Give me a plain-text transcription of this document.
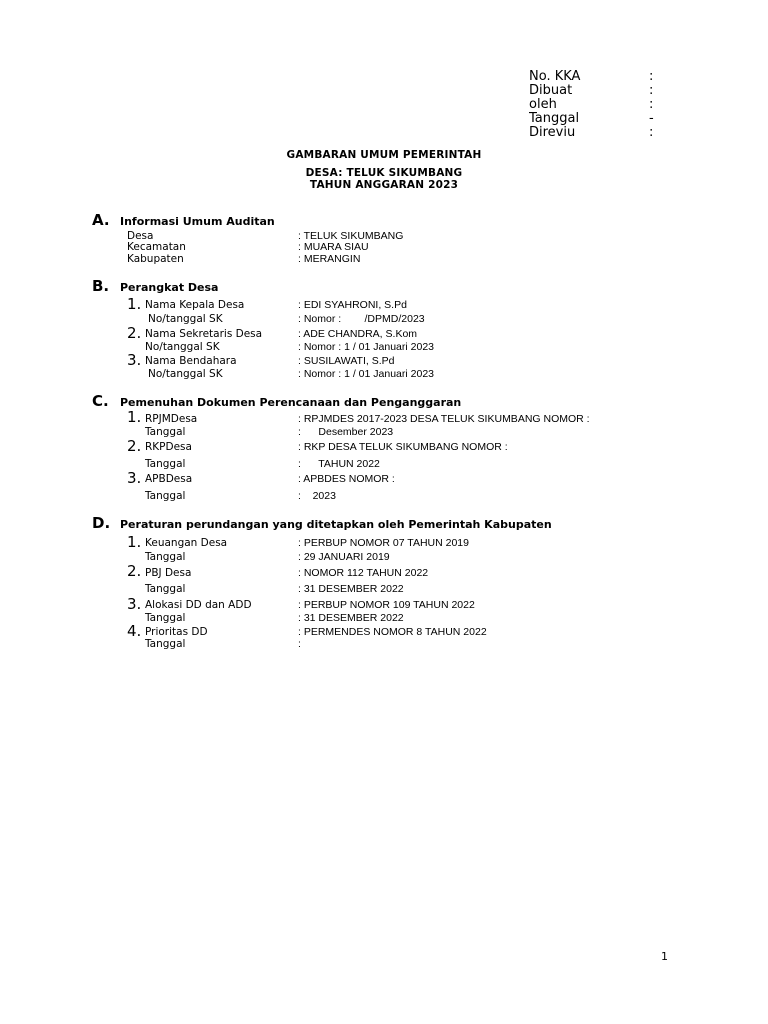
No. KKA	:
Dibuat	:
oleh	:
Tanggal	-
Direviu	:
GAMBARAN UMUM PEMERINTAH
DESA: TELUK SIKUMBANG
TAHUN ANGGARAN 2023
A. Informasi Umum Auditan
Desa	: TELUK SIKUMBANG
Kecamatan	: MUARA SIAU
Kabupaten	: MERANGIN
B. Perangkat Desa
1. Nama Kepala Desa	: EDI SYAHRONI, S.Pd
No/tanggal SK	: Nomor :        /DPMD/2023
2. Nama Sekretaris Desa	: ADE CHANDRA, S.Kom
No/tanggal SK	: Nomor : 1 / 01 Januari 2023
3. Nama Bendahara	: SUSILAWATI, S.Pd
No/tanggal SK	: Nomor : 1 / 01 Januari 2023
C. Pemenuhan Dokumen Perencanaan dan Penganggaran
1. RPJMDesa	: RPJMDES 2017-2023 DESA TELUK SIKUMBANG NOMOR :
Tanggal	:      Desember 2023
2. RKPDesa	: RKP DESA TELUK SIKUMBANG NOMOR :
Tanggal	:      TAHUN 2022
3. APBDesa	: APBDES NOMOR :
Tanggal	:    2023
D. Peraturan perundangan yang ditetapkan oleh Pemerintah Kabupaten
1. Keuangan Desa	: PERBUP NOMOR 07 TAHUN 2019
Tanggal	: 29 JANUARI 2019
2. PBJ Desa	: NOMOR 112 TAHUN 2022
Tanggal	: 31 DESEMBER 2022
3. Alokasi DD dan ADD	: PERBUP NOMOR 109 TAHUN 2022
Tanggal	: 31 DESEMBER 2022
4. Prioritas DD	: PERMENDES NOMOR 8 TAHUN 2022
Tanggal	:
1
